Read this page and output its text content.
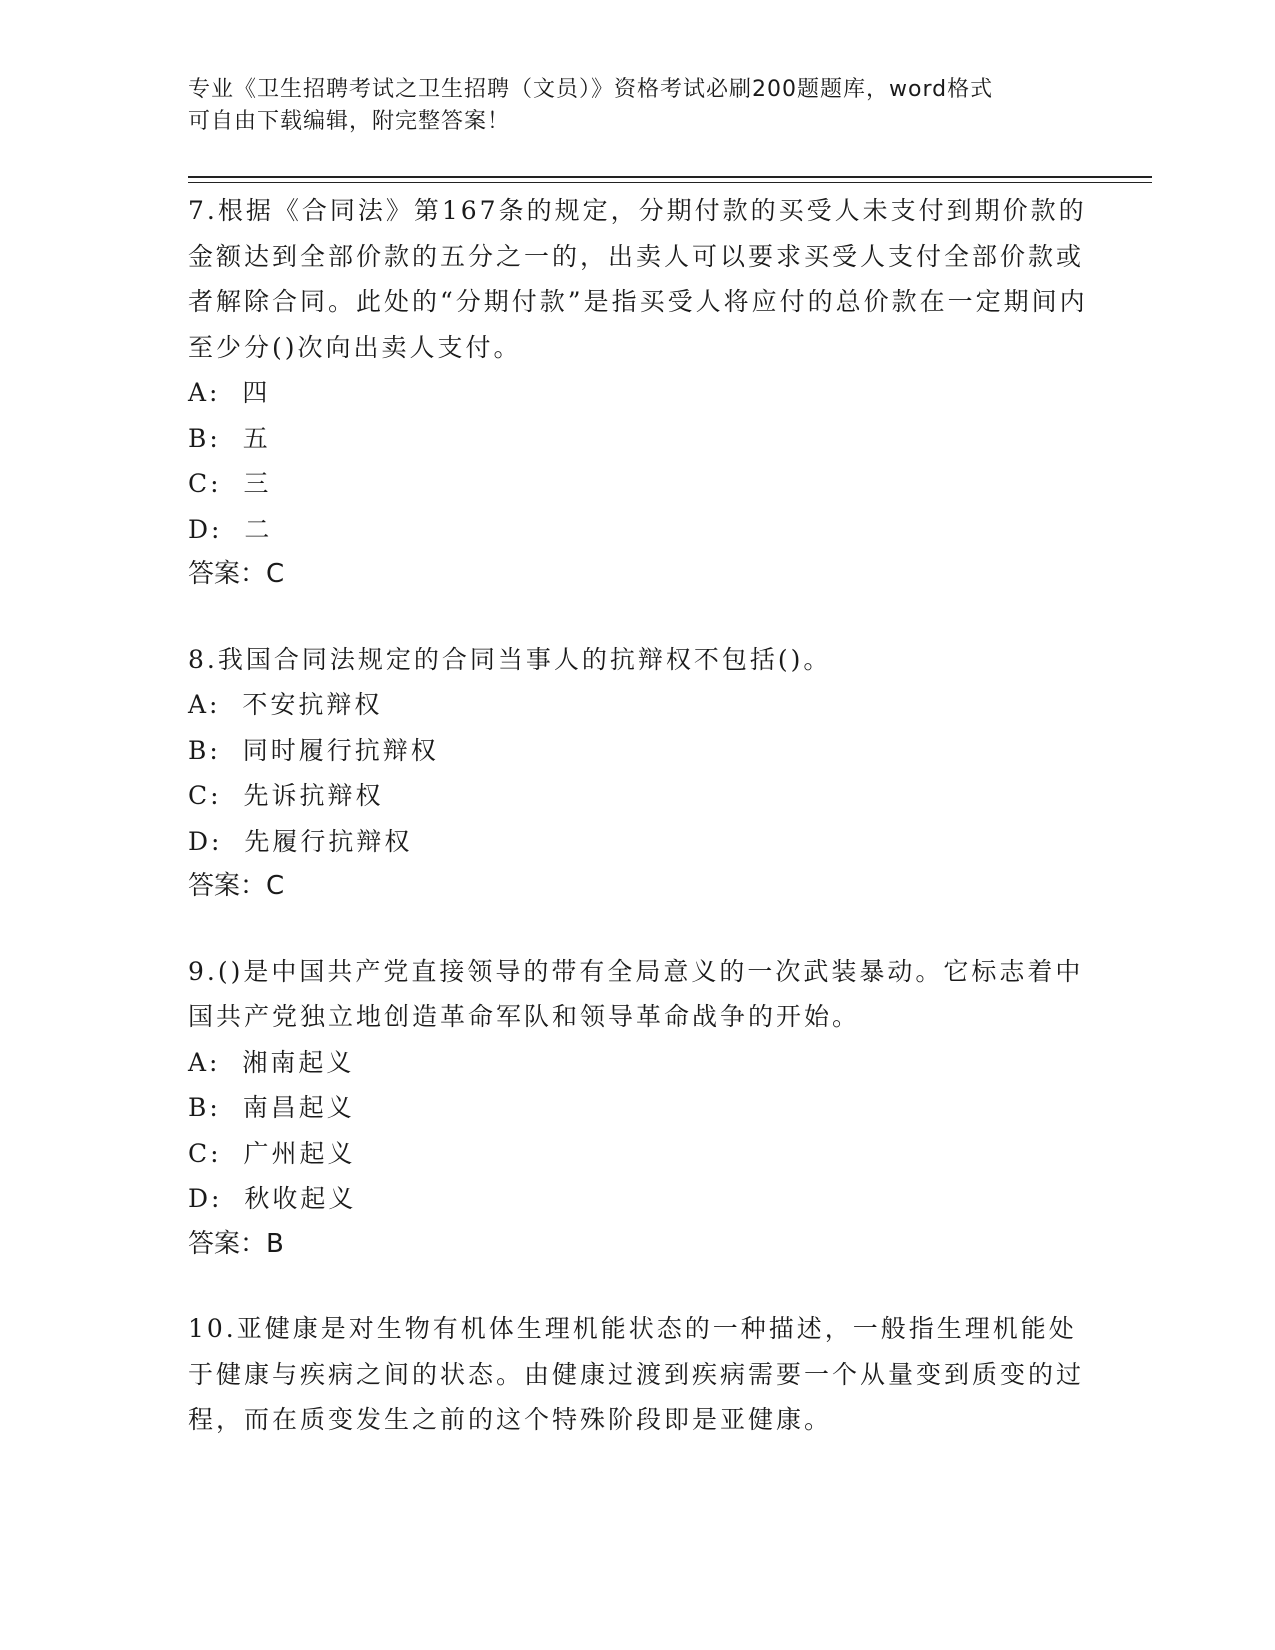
专业《卫生招聘考试之卫生招聘（文员）》资格考试必刷200题题库，word格式
可自由下载编辑，附完整答案！

7.根据《合同法》第167条的规定，分期付款的买受人未支付到期价款的金额达到全部价款的五分之一的，出卖人可以要求买受人支付全部价款或者解除合同。此处的“分期付款”是指买受人将应付的总价款在一定期间内至少分()次向出卖人支付。

A:  四

B:  五

C:  三

D:  二

答案：C

8.我国合同法规定的合同当事人的抗辩权不包括()。

A:  不安抗辩权

B:  同时履行抗辩权

C:  先诉抗辩权

D:  先履行抗辩权

答案：C

9.()是中国共产党直接领导的带有全局意义的一次武装暴动。它标志着中国共产党独立地创造革命军队和领导革命战争的开始。

A:  湘南起义

B:  南昌起义

C:  广州起义

D:  秋收起义

答案：B

10.亚健康是对生物有机体生理机能状态的一种描述，一般指生理机能处于健康与疾病之间的状态。由健康过渡到疾病需要一个从量变到质变的过程，而在质变发生之前的这个特殊阶段即是亚健康。
